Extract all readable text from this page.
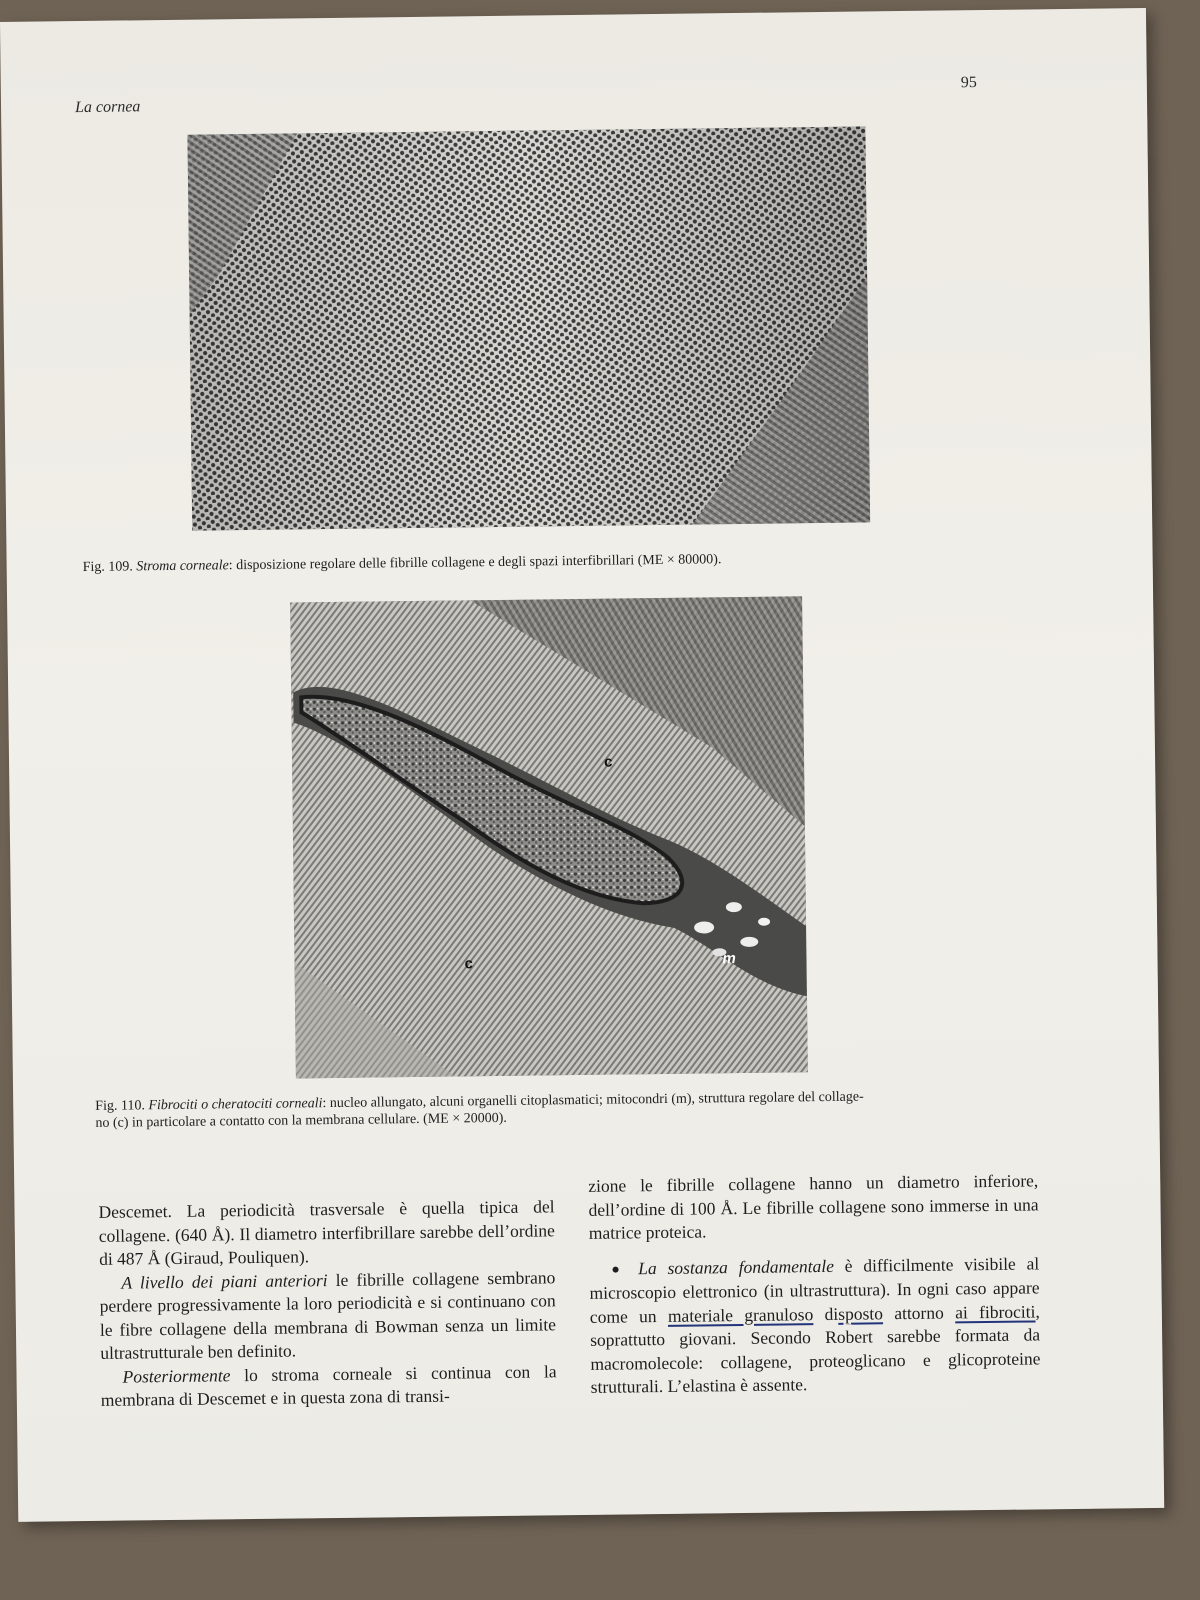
La cornea
95
Fig. 109. Stroma corneale: disposizione regolare delle fibrille collagene e degli spazi interfibrillari (ME × 80000).
c
c	m
Fig. 110. Fibrociti o cheratociti corneali: nucleo allungato, alcuni organelli citoplasmatici; mitocondri (m), struttura regolare del collage-
no (c) in particolare a contatto con la membrana cellulare. (ME × 20000).

Descemet. La periodicità trasversale è quella tipica del collagene. (640 Å). Il diametro interfibrillare sarebbe dell’ordine di 487 Å (Giraud, Pouliquen).

A livello dei piani anteriori le fibrille collagene sembrano perdere progressivamente la loro periodicità e si continuano con le fibre collagene della membrana di Bowman senza un limite ultrastrutturale ben definito.

Posteriormente lo stroma corneale si continua con la membrana di Descemet e in questa zona di transi-

zione le fibrille collagene hanno un diametro inferiore, dell’ordine di 100 Å. Le fibrille collagene sono immerse in una matrice proteica.

● La sostanza fondamentale è difficilmente visibile al microscopio elettronico (in ultrastruttura). In ogni caso appare come un materiale granuloso disposto attorno ai fibrociti, soprattutto giovani. Secondo Robert sarebbe formata da macromolecole: collagene, proteoglicano e glicoproteine strutturali. L’elastina è assente.
